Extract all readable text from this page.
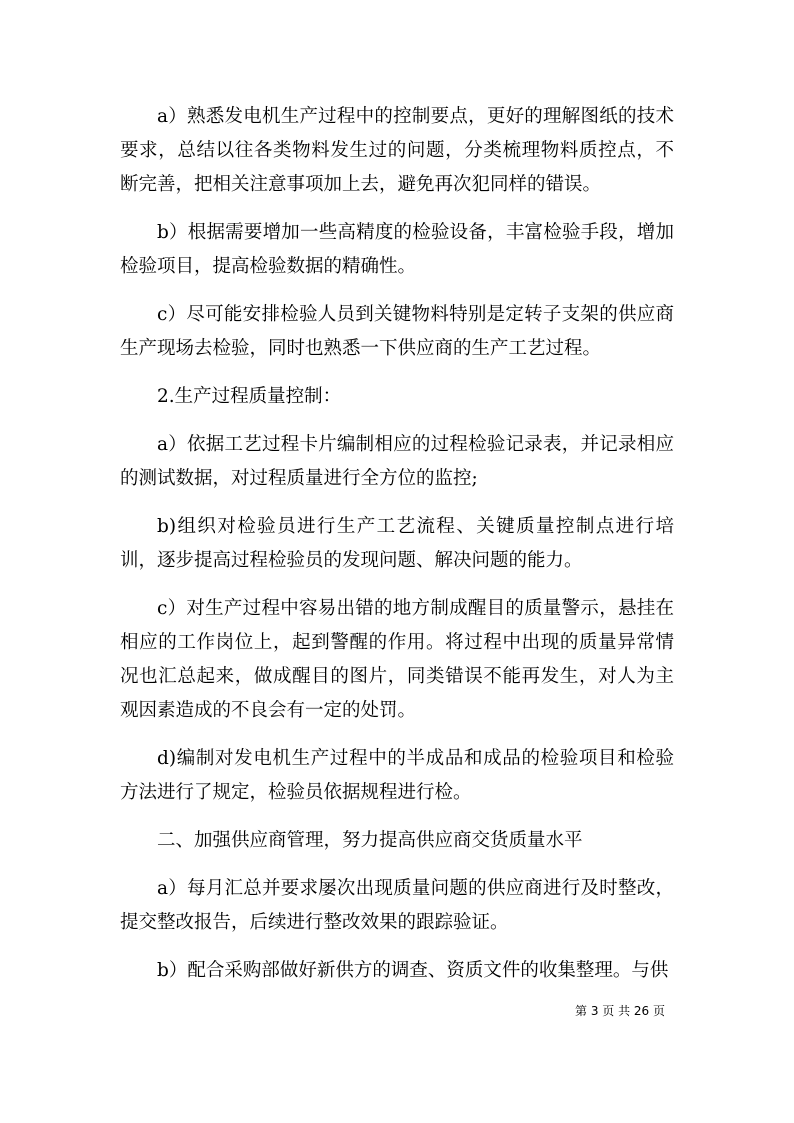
a）熟悉发电机生产过程中的控制要点，更好的理解图纸的技术要求，总结以往各类物料发生过的问题，分类梳理物料质控点，不断完善，把相关注意事项加上去，避免再次犯同样的错误。

b）根据需要增加一些高精度的检验设备，丰富检验手段，增加检验项目，提高检验数据的精确性。

c）尽可能安排检验人员到关键物料特别是定转子支架的供应商生产现场去检验，同时也熟悉一下供应商的生产工艺过程。

2.生产过程质量控制：

a）依据工艺过程卡片编制相应的过程检验记录表，并记录相应的测试数据，对过程质量进行全方位的监控;

b)组织对检验员进行生产工艺流程、关键质量控制点进行培训，逐步提高过程检验员的发现问题、解决问题的能力。

c）对生产过程中容易出错的地方制成醒目的质量警示，悬挂在相应的工作岗位上，起到警醒的作用。将过程中出现的质量异常情况也汇总起来，做成醒目的图片，同类错误不能再发生，对人为主观因素造成的不良会有一定的处罚。

d)编制对发电机生产过程中的半成品和成品的检验项目和检验方法进行了规定，检验员依据规程进行检。

二、加强供应商管理，努力提高供应商交货质量水平

a）每月汇总并要求屡次出现质量问题的供应商进行及时整改，提交整改报告，后续进行整改效果的跟踪验证。

b）配合采购部做好新供方的调查、资质文件的收集整理。与供

第 3 页 共 26 页
